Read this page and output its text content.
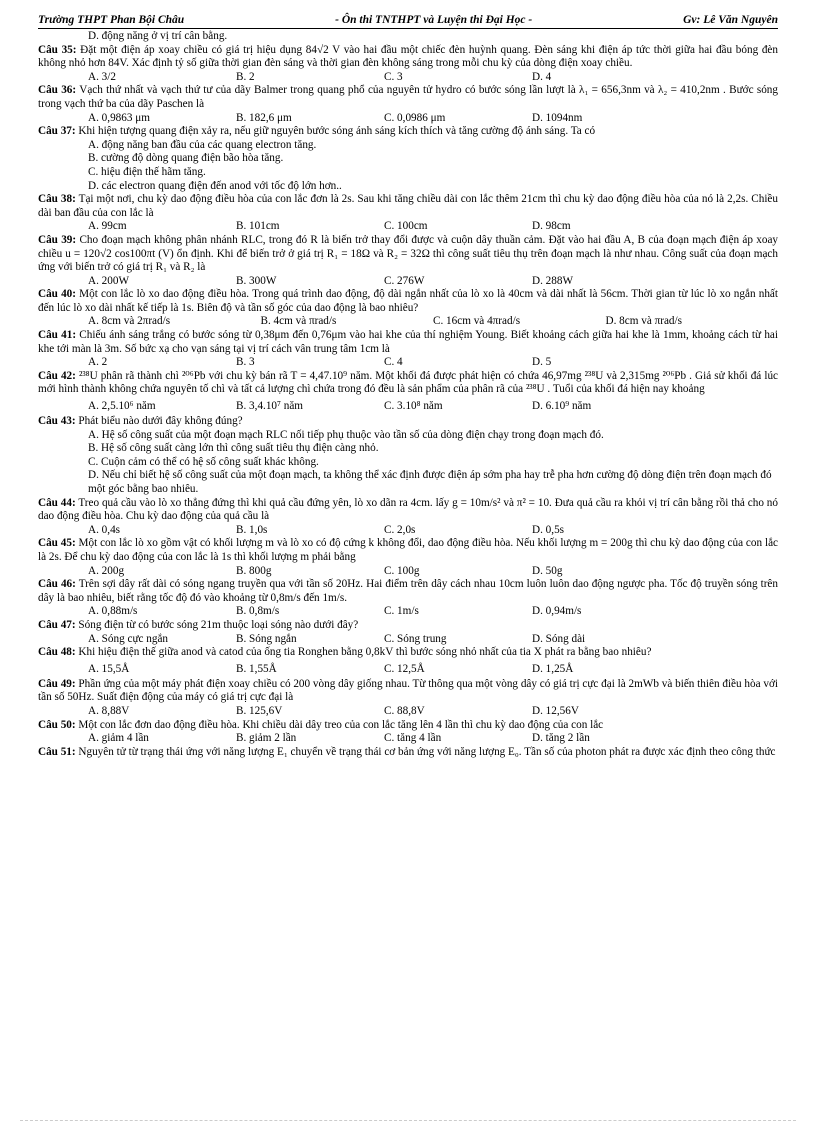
Trường THPT Phan Bội Châu	- Ôn thi TNTHPT và Luyện thi Đại Học -	Gv: Lê Văn Nguyên

D. động năng ở vị trí cân bằng.

Câu 35: Đặt một điện áp xoay chiều có giá trị hiệu dụng 84√2 V vào hai đầu một chiếc đèn huỳnh quang. Đèn sáng khi điện áp tức thời giữa hai đầu bóng đèn không nhỏ hơn 84V. Xác định tỷ số giữa thời gian đèn sáng và thời gian đèn không sáng trong mỗi chu kỳ của dòng điện xoay chiều.

A. 3/2	B. 2	C. 3	D. 4

Câu 36: Vạch thứ nhất và vạch thứ tư của dãy Balmer trong quang phổ của nguyên tử hydro có bước sóng lần lượt là λ₁ = 656,3nm và λ₂ = 410,2nm . Bước sóng trong vạch thứ ba của dãy Paschen là

A. 0,9863 μm	B. 182,6 μm	C. 0,0986 μm	D. 1094nm

Câu 37: Khi hiện tượng quang điện xảy ra, nếu giữ nguyên bước sóng ánh sáng kích thích và tăng cường độ ánh sáng. Ta có

A. động năng ban đầu của các quang electron tăng.

B. cường độ dòng quang điện bão hòa tăng.

C. hiệu điện thế hãm tăng.

D. các electron quang điện đến anod với tốc độ lớn hơn..

Câu 38: Tại một nơi, chu kỳ dao động điều hòa của con lắc đơn là 2s. Sau khi tăng chiều dài con lắc thêm 21cm thì chu kỳ dao động điều hòa của nó là 2,2s. Chiều dài ban đầu của con lắc là

A. 99cm	B. 101cm	C. 100cm	D. 98cm

Câu 39: Cho đoạn mạch không phân nhánh RLC, trong đó R là biến trở thay đổi được và cuộn dây thuần cảm. Đặt vào hai đầu A, B của đoạn mạch điện áp xoay chiều u = 120√2 cos100πt (V) ổn định. Khi để biến trở ở giá trị R₁ = 18Ω và R₂ = 32Ω thì công suất tiêu thụ trên đoạn mạch là như nhau. Công suất của đoạn mạch ứng với biến trở có giá trị R₁ và R₂ là

A. 200W	B. 300W	C. 276W	D. 288W

Câu 40: Một con lắc lò xo dao động điều hòa. Trong quá trình dao động, độ dài ngắn nhất của lò xo là 40cm và dài nhất là 56cm. Thời gian từ lúc lò xo ngắn nhất đến lúc lò xo dài nhất kế tiếp là 1s. Biên độ và tần số góc của dao động là bao nhiêu?

A. 8cm và 2πrad/s	B. 4cm và πrad/s	C. 16cm và 4πrad/s	D. 8cm và πrad/s

Câu 41: Chiếu ánh sáng trắng có bước sóng từ 0,38μm đến 0,76μm vào hai khe của thí nghiệm Young. Biết khoảng cách giữa hai khe là 1mm, khoảng cách từ hai khe tới màn là 3m. Số bức xạ cho vạn sáng tại vị trí cách vân trung tâm 1cm là

A. 2	B. 3	C. 4	D. 5

Câu 42: ²³⁸U phân rã thành chì ²⁰⁶Pb với chu kỳ bán rã T = 4,47.10⁹ năm. Một khối đá được phát hiện có chứa 46,97mg ²³⁸U và 2,315mg ²⁰⁶Pb . Giả sử khối đá lúc mới hình thành không chứa nguyên tố chì và tất cả lượng chì chứa trong đó đều là sản phẩm của phân rã của ²³⁸U . Tuổi của khối đá hiện nay khoảng

A. 2,5.10⁶ năm	B. 3,4.10⁷ năm	C. 3.10⁸ năm	D. 6.10⁹ năm

Câu 43: Phát biểu nào dưới đây không đúng?

A. Hệ số công suất của một đoạn mạch RLC nối tiếp phụ thuộc vào tần số của dòng điện chạy trong đoạn mạch đó.

B. Hệ số công suất càng lớn thì công suất tiêu thụ điện càng nhỏ.

C. Cuộn cảm có thể có hệ số công suất khác không.

D. Nếu chỉ biết hệ số công suất của một đoạn mạch, ta không thể xác định được điện áp sớm pha hay trễ pha hơn cường độ dòng điện trên đoạn mạch đó một góc bằng bao nhiêu.

Câu 44: Treo quả cầu vào lò xo thẳng đứng thì khi quả cầu đứng yên, lò xo dãn ra 4cm. lấy g = 10m/s² và π² = 10. Đưa quả cầu ra khỏi vị trí cân bằng rồi thả cho nó dao động điều hòa. Chu kỳ dao động của quả cầu là

A. 0,4s	B. 1,0s	C. 2,0s	D. 0,5s

Câu 45: Một con lắc lò xo gồm vật có khối lượng m và lò xo có độ cứng k không đổi, dao động điều hòa. Nếu khối lượng m = 200g thì chu kỳ dao động của con lắc là 2s. Để chu kỳ dao động của con lắc là 1s thì khối lượng m phải bằng

A. 200g	B. 800g	C. 100g	D. 50g

Câu 46: Trên sợi dây rất dài có sóng ngang truyền qua với tần số 20Hz. Hai điểm trên dây cách nhau 10cm luôn luôn dao động ngược pha. Tốc độ truyền sóng trên dây là bao nhiêu, biết rằng tốc độ đó vào khoảng từ 0,8m/s đến 1m/s.

A. 0,88m/s	B. 0,8m/s	C. 1m/s	D. 0,94m/s

Câu 47: Sóng điện từ có bước sóng 21m thuộc loại sóng nào dưới đây?

A. Sóng cực ngắn	B. Sóng ngắn	C. Sóng trung	D. Sóng dài

Câu 48: Khi hiệu điện thế giữa anod và catod của ống tia Ronghen bằng 0,8kV thì bước sóng nhỏ nhất của tia X phát ra bằng bao nhiêu?

A. 15,5Å	B. 1,55Å	C. 12,5Å	D. 1,25Å

Câu 49: Phần ứng của một máy phát điện xoay chiều có 200 vòng dây giống nhau. Từ thông qua một vòng dây có giá trị cực đại là 2mWb và biến thiên điều hòa với tần số 50Hz. Suất điện động của máy có giá trị cực đại là

A. 8,88V	B. 125,6V	C. 88,8V	D. 12,56V

Câu 50: Một con lắc đơn dao động điều hòa. Khi chiều dài dây treo của con lắc tăng lên 4 lần thì chu kỳ dao động của con lắc

A. giảm 4 lần	B. giảm 2 lần	C. tăng 4 lần	D. tăng 2 lần

Câu 51: Nguyên tử từ trạng thái ứng với năng lượng E₁ chuyển về trạng thái cơ bản ứng với năng lượng E₀. Tần số của photon phát ra được xác định theo công thức
